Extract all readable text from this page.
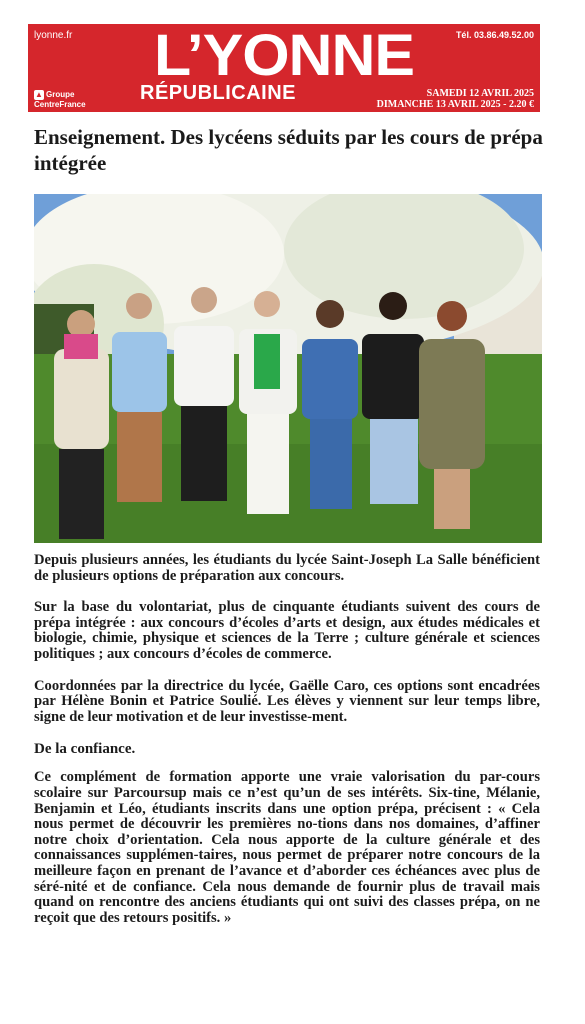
lyonne.fr	Tél. 03.86.49.52.00
L’YONNE
RÉPUBLICAINE
▲ Groupe
CentreFrance
SAMEDI 12 AVRIL 2025
DIMANCHE 13 AVRIL 2025 - 2.20 €
Enseignement. Des lycéens séduits par les cours de prépa intégrée

Depuis plusieurs années, les étudiants du lycée Saint-Joseph La Salle bénéficient de plusieurs options de préparation aux concours.

Sur la base du volontariat, plus de cinquante étudiants suivent des cours de prépa intégrée : aux concours d’écoles d’arts et design, aux études médicales et biologie, chimie, physique et sciences de la Terre ; culture générale et sciences politiques ; aux concours d’écoles de commerce.

Coordonnées par la directrice du lycée, Gaëlle Caro, ces options sont encadrées par Hélène Bonin et Patrice Soulié. Les élèves y viennent sur leur temps libre, signe de leur motivation et de leur investisse-ment.

De la confiance.

Ce complément de formation apporte une vraie valorisation du par-cours scolaire sur Parcoursup mais ce n’est qu’un de ses intérêts. Six-tine, Mélanie, Benjamin et Léo, étudiants inscrits dans une option prépa, précisent : « Cela nous permet de découvrir les premières no-tions dans nos domaines, d’affiner notre choix d’orientation. Cela nous apporte de la culture générale et des connaissances supplémen-taires, nous permet de préparer notre concours de la meilleure façon en prenant de l’avance et d’aborder ces échéances avec plus de séré-nité et de confiance. Cela nous demande de fournir plus de travail mais quand on rencontre des anciens étudiants qui ont suivi des classes prépa, on ne reçoit que des retours positifs. »
